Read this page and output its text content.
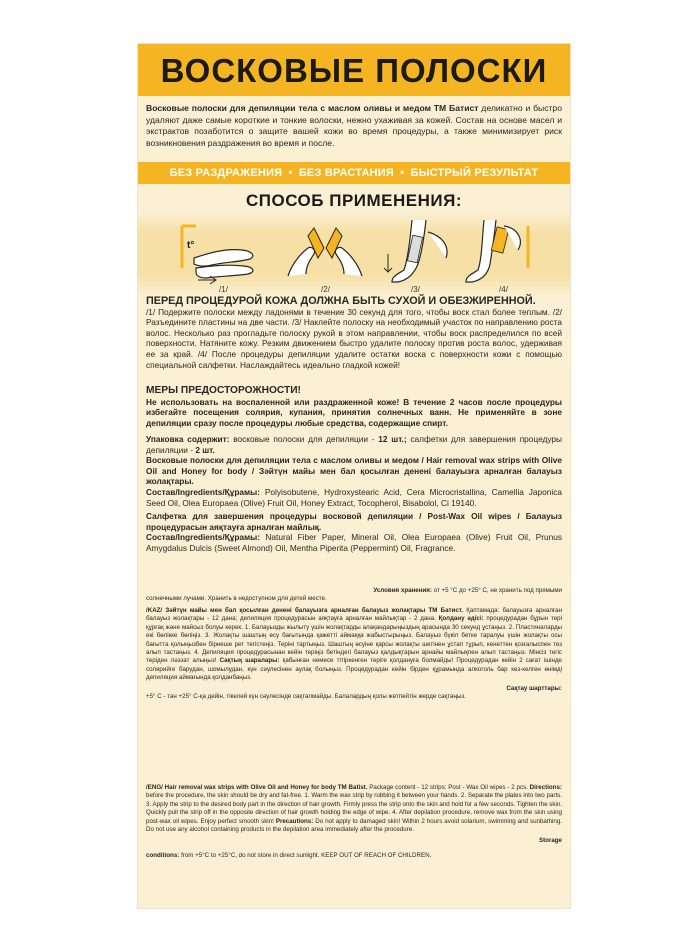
ВОСКОВЫЕ ПОЛОСКИ
Восковые полоски для депиляции тела с маслом оливы и медом ТМ Батист деликатно и быстро удаляют даже самые короткие и тонкие волоски, нежно ухаживая за кожей. Состав на основе масел и экстрактов позаботится о защите вашей кожи во время процедуры, а также минимизирует риск возникновения раздражения во время и после.
БЕЗ РАЗДРАЖЕНИЯ • БЕЗ ВРАСТАНИЯ • БЫСТРЫЙ РЕЗУЛЬТАТ
СПОСОБ ПРИМЕНЕНИЯ:
t°
/1/	/2/	/3/	/4/
ПЕРЕД ПРОЦЕДУРОЙ КОЖА ДОЛЖНА БЫТЬ СУХОЙ И ОБЕЗЖИРЕННОЙ.
/1/ Подержите полоски между ладонями в течение 30 секунд для того, чтобы воск стал более теплым. /2/ Разъедините пластины на две части. /3/ Наклейте полоску на необходимый участок по направлению роста волос. Несколько раз прогладьте полоску рукой в этом направлении, чтобы воск распределился по всей поверхности. Натяните кожу. Резким движением быстро удалите полоску против роста волос, удерживая ее за край. /4/ После процедуры депиляции удалите остатки воска с поверхности кожи с помощью специальной салфетки. Наслаждайтесь идеально гладкой кожей!
МЕРЫ ПРЕДОСТОРОЖНОСТИ!
Не использовать на воспаленной или раздраженной коже! В течение 2 часов после процедуры избегайте посещения солярия, купания, принятия солнечных ванн. Не применяйте в зоне депиляции сразу после процедуры любые средства, содержащие спирт.
Упаковка содержит: восковые полоски для депиляции - 12 шт.; салфетки для завершения процедуры депиляции - 2 шт.
Восковые полоски для депиляции тела с маслом оливы и медом / Hair removal wax strips with Olive Oil and Honey for body / Зәйтүн майы мен бал қосылған денені балауызға арналған балауыз жолақтары.
Состав/Ingredients/Құрамы: Polyisobutene, Hydroxystearic Acid, Cera Microcristallina, Camellia Japonica Seed Oil, Olea Europaea (Olive) Fruit Oil, Honey Extract, Tocopherol, Bisabolol, Ci 19140.
Салфетка для завершения процедуры восковой депиляции / Post-Wax Oil wipes / Балауыз процедурасын аяқтауға арналған майлық.
Состав/Ingredients/Құрамы: Natural Fiber Paper, Mineral Oil, Olea Europaea (Olive) Fruit Oil, Prunus Amygdalus Dulcis (Sweet Almond) Oil, Mentha Piperita (Peppermint) Oil, Fragrance.
Условия хранения: от +5 °C до +25° C, не хранить под прямыми
солнечными лучами. Хранить в недоступном для детей месте.
/KAZ/ Зәйтүн майы мен бал қосылған денені балауызға арналған балауыз жолақтары ТМ Батист. Қаптамада: балауызға арналған балауыз жолақтары - 12 дана; депиляция процедурасын аяқтауға арналған майлықтар - 2 дана. Қолдану әдісі: процедурадан бұрын тері құрғақ және майсыз болуы керек. 1. Балауызды жылыту үшін жолақтарды алақандарыңыздың арасында 30 секунд ұстаңыз. 2. Пластиналарды екі бөлікке бөліңіз. 3. Жолақты шаштың өсу бағытында қажетті аймаққа жабыстырыңыз. Балауыз бүкіл бетке таралуы үшін жолақты осы бағытта қолыңызбен бірнеше рет тегістеңіз. Теріні тартыңыз. Шаштың өсуіне қарсы жолақты шетінен ұстап тұрып, кенеттен қозғалыспен тез алып тастаңыз. 4. Депиляция процедурасынан кейін теріңіз бетіндегі балауыз қалдықтарын арнайы майлықпен алып тастаңыз. Мінсіз тегіс теріден ләззат алыңыз! Сақтық шаралары: қабынған немесе тітіркенген теріге қолдануға болмайды! Процедурадан кейін 2 сағат ішінде солярийге барудан, шомылудан, күн сәулесінен аулақ болыңыз. Процедурадан кейін бірден құрамында алкоголь бар кез-келген өнімді депиляция аймағында қолданбаңыз.
Сақтау шарттары:
+5° C - тан +25° С-қа дейін, тікелей күн сәулесінде сақталмайды. Балалардың қолы жетпейтін жерде сақтаңыз.
/ENG/ Hair removal wax strips with Olive Oil and Honey for body TM Batist. Package content - 12 strips; Post - Wax Oil wipes - 2 pcs. Directions: before the procedure, the skin should be dry and fat-free. 1. Warm the wax strip by rubbing it between your hands. 2. Separate the plates into two parts. 3. Apply the strip to the desired body part in the direction of hair growth. Firmly press the strip onto the skin and hold for a few seconds. Tighten the skin. Quickly pull the strip off in the opposite direction of hair growth holding the edge of wipe. 4. After depilation procedure, remove wax from the skin using post-wax oil wipes. Enjoy perfect smooth skin! Precautions: Do not apply to damaged skin! Within 2 hours avoid solarium, swimming and sunbathing. Do not use any alcohol containing products in the depilation area immediately after the procedure.
Storage
conditions: from +5°C to +25°C, do not store in direct sunlight. KEEP OUT OF REACH OF CHILDREN.
